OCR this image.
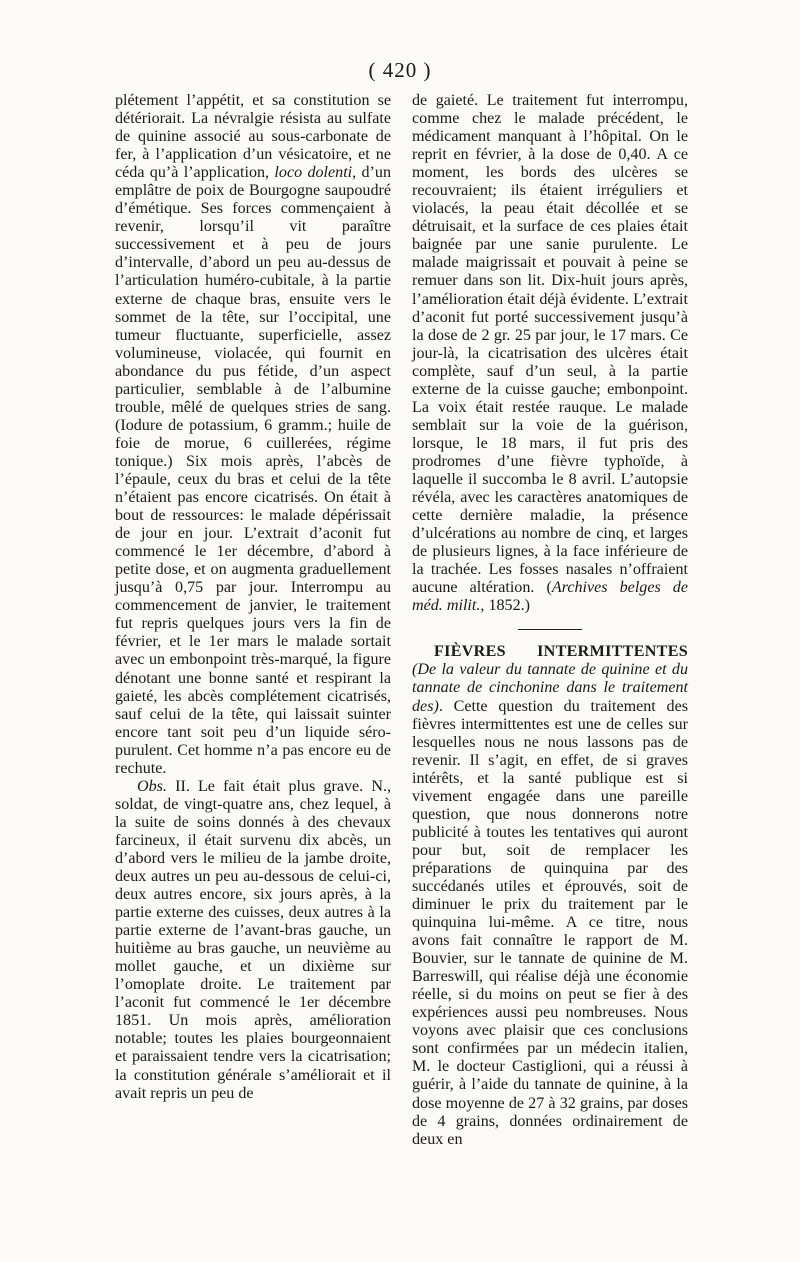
( 420 )

plétement l’appétit, et sa constitution se détériorait. La névralgie résista au sulfate de quinine associé au sous-carbonate de fer, à l’application d’un vésicatoire, et ne céda qu’à l’application, loco dolenti, d’un emplâtre de poix de Bourgogne saupoudré d’émétique. Ses forces commençaient à revenir, lorsqu’il vit paraître successivement et à peu de jours d’intervalle, d’abord un peu au-dessus de l’articulation huméro-cubitale, à la partie externe de chaque bras, ensuite vers le sommet de la tête, sur l’occipital, une tumeur fluctuante, superficielle, assez volumineuse, violacée, qui fournit en abondance du pus fétide, d’un aspect particulier, semblable à de l’albumine trouble, mêlé de quelques stries de sang. (Iodure de potassium, 6 gramm.; huile de foie de morue, 6 cuillerées, régime tonique.) Six mois après, l’abcès de l’épaule, ceux du bras et celui de la tête n’étaient pas encore cicatrisés. On était à bout de ressources: le malade dépérissait de jour en jour. L’extrait d’aconit fut commencé le 1er décembre, d’abord à petite dose, et on augmenta graduellement jusqu’à 0,75 par jour. Interrompu au commencement de janvier, le traitement fut repris quelques jours vers la fin de février, et le 1er mars le malade sortait avec un embonpoint très-marqué, la figure dénotant une bonne santé et respirant la gaieté, les abcès complétement cicatrisés, sauf celui de la tête, qui laissait suinter encore tant soit peu d’un liquide séro-purulent. Cet homme n’a pas encore eu de rechute.

Obs. II. Le fait était plus grave. N., soldat, de vingt-quatre ans, chez lequel, à la suite de soins donnés à des chevaux farcineux, il était survenu dix abcès, un d’abord vers le milieu de la jambe droite, deux autres un peu au-dessous de celui-ci, deux autres encore, six jours après, à la partie externe des cuisses, deux autres à la partie externe de l’avant-bras gauche, un huitième au bras gauche, un neuvième au mollet gauche, et un dixième sur l’omoplate droite. Le traitement par l’aconit fut commencé le 1er décembre 1851. Un mois après, amélioration notable; toutes les plaies bourgeonnaient et paraissaient tendre vers la cicatrisation; la constitution générale s’améliorait et il avait repris un peu de

de gaieté. Le traitement fut interrompu, comme chez le malade précédent, le médicament manquant à l’hôpital. On le reprit en février, à la dose de 0,40. A ce moment, les bords des ulcères se recouvraient; ils étaient irréguliers et violacés, la peau était décollée et se détruisait, et la surface de ces plaies était baignée par une sanie purulente. Le malade maigrissait et pouvait à peine se remuer dans son lit. Dix-huit jours après, l’amélioration était déjà évidente. L’extrait d’aconit fut porté successivement jusqu’à la dose de 2 gr. 25 par jour, le 17 mars. Ce jour-là, la cicatrisation des ulcères était complète, sauf d’un seul, à la partie externe de la cuisse gauche; embonpoint. La voix était restée rauque. Le malade semblait sur la voie de la guérison, lorsque, le 18 mars, il fut pris des prodromes d’une fièvre typhoïde, à laquelle il succomba le 8 avril. L’autopsie révéla, avec les caractères anatomiques de cette dernière maladie, la présence d’ulcérations au nombre de cinq, et larges de plusieurs lignes, à la face inférieure de la trachée. Les fosses nasales n’offraient aucune altération. (Archives belges de méd. milit., 1852.)

FIÈVRES INTERMITTENTES (De la valeur du tannate de quinine et du tannate de cinchonine dans le traitement des). Cette question du traitement des fièvres intermittentes est une de celles sur lesquelles nous ne nous lassons pas de revenir. Il s’agit, en effet, de si graves intérêts, et la santé publique est si vivement engagée dans une pareille question, que nous donnerons notre publicité à toutes les tentatives qui auront pour but, soit de remplacer les préparations de quinquina par des succédanés utiles et éprouvés, soit de diminuer le prix du traitement par le quinquina lui-même. A ce titre, nous avons fait connaître le rapport de M. Bouvier, sur le tannate de quinine de M. Barreswill, qui réalise déjà une économie réelle, si du moins on peut se fier à des expériences aussi peu nombreuses. Nous voyons avec plaisir que ces conclusions sont confirmées par un médecin italien, M. le docteur Castiglioni, qui a réussi à guérir, à l’aide du tannate de quinine, à la dose moyenne de 27 à 32 grains, par doses de 4 grains, données ordinairement de deux en
